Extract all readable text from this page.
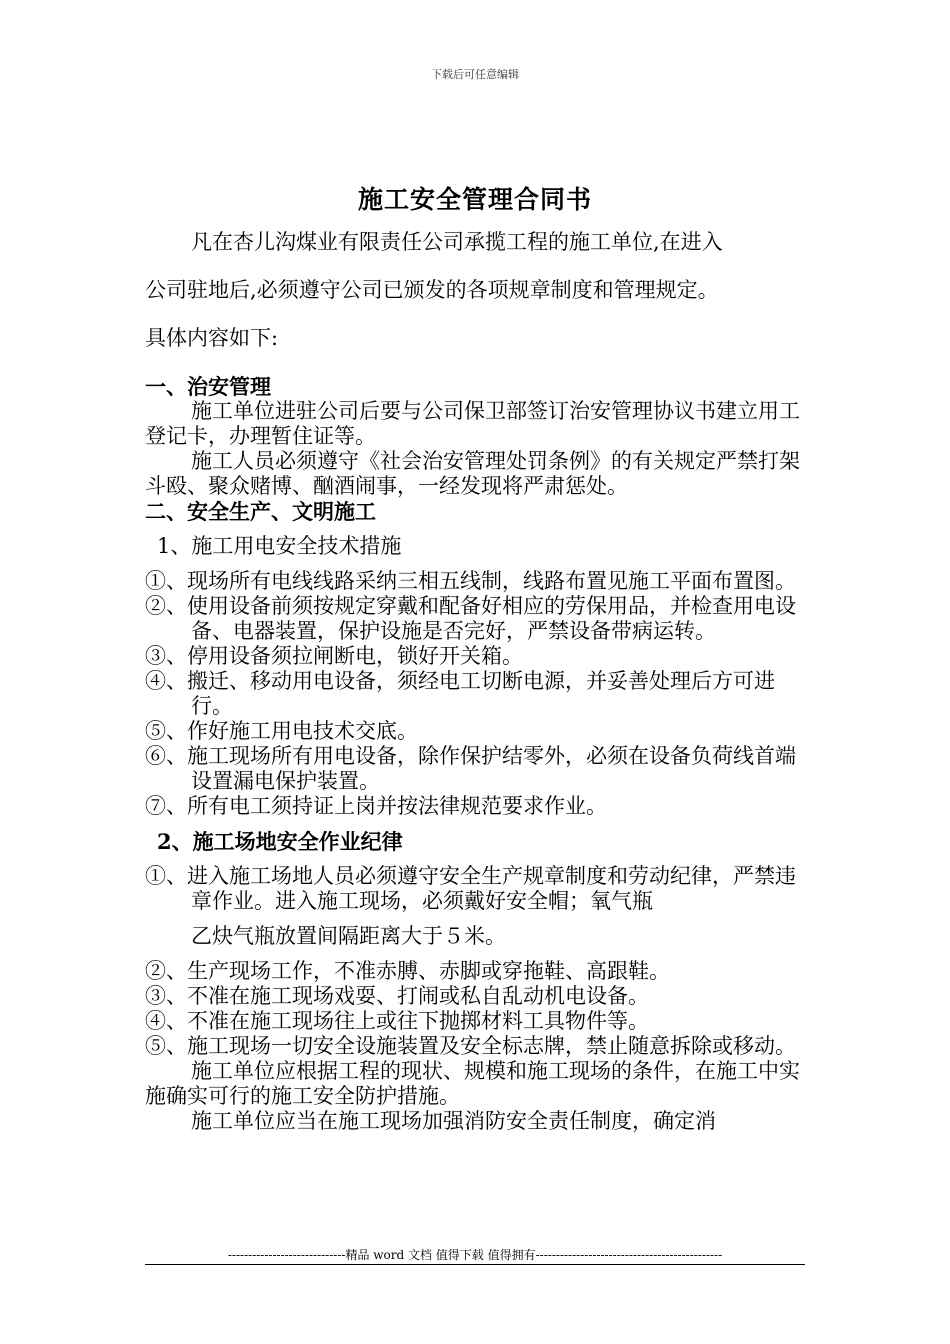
下载后可任意编辑
施工安全管理合同书

凡在杏儿沟煤业有限责任公司承揽工程的施工单位,在进入

公司驻地后,必须遵守公司已颁发的各项规章制度和管理规定。

具体内容如下:

一、治安管理

施工单位进驻公司后要与公司保卫部签订治安管理协议书建立用工登记卡，办理暂住证等。

施工人员必须遵守《社会治安管理处罚条例》的有关规定严禁打架斗殴、聚众赌博、酗酒闹事，一经发现将严肃惩处。

二、安全生产、文明施工

1、施工用电安全技术措施

①、现场所有电线线路采纳三相五线制，线路布置见施工平面布置图。

②、使用设备前须按规定穿戴和配备好相应的劳保用品，并检查用电设备、电器装置，保护设施是否完好，严禁设备带病运转。

③、停用设备须拉闸断电，锁好开关箱。

④、搬迁、移动用电设备，须经电工切断电源，并妥善处理后方可进行。

⑤、作好施工用电技术交底。

⑥、施工现场所有用电设备，除作保护结零外，必须在设备负荷线首端设置漏电保护装置。

⑦、所有电工须持证上岗并按法律规范要求作业。

2、施工场地安全作业纪律

①、进入施工场地人员必须遵守安全生产规章制度和劳动纪律，严禁违章作业。进入施工现场，必须戴好安全帽；氧气瓶

乙炔气瓶放置间隔距离大于５米。

②、生产现场工作，不准赤膊、赤脚或穿拖鞋、高跟鞋。

③、不准在施工现场戏耍、打闹或私自乱动机电设备。

④、不准在施工现场往上或往下抛掷材料工具物件等。

⑤、施工现场一切安全设施装置及安全标志牌，禁止随意拆除或移动。

施工单位应根据工程的现状、规模和施工现场的条件，在施工中实施确实可行的施工安全防护措施。

施工单位应当在施工现场加强消防安全责任制度，确定消

-----------------------------精品 word 文档 值得下载 值得拥有----------------------------------------------
